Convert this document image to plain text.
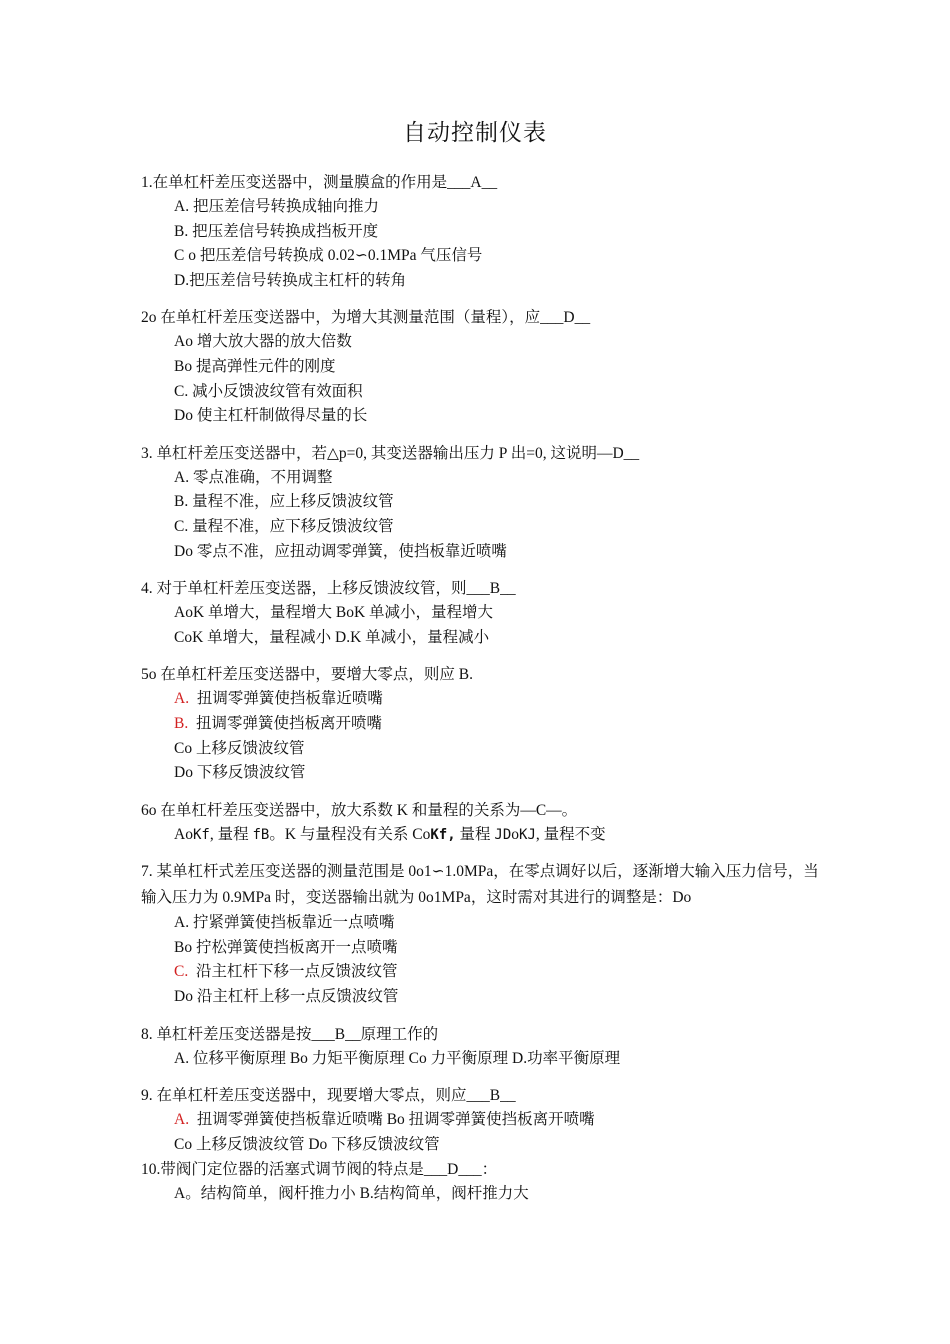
自动控制仪表

1.在单杠杆差压变送器中，测量膜盒的作用是___A__

A. 把压差信号转换成轴向推力
B. 把压差信号转换成挡板开度
C o 把压差信号转换成 0.02∽0.1MPa 气压信号
D.把压差信号转换成主杠杆的转角

2o 在单杠杆差压变送器中，为增大其测量范围（量程），应___D__

Ao 增大放大器的放大倍数
Bo 提高弹性元件的刚度
C. 减小反馈波纹管有效面积
Do 使主杠杆制做得尽量的长

3. 单杠杆差压变送器中，若△p=0, 其变送器输出压力 P 出=0, 这说明—D__

A. 零点准确，不用调整
B. 量程不准，应上移反馈波纹管
C. 量程不准，应下移反馈波纹管
Do 零点不准，应扭动调零弹簧，使挡板靠近喷嘴

4. 对于单杠杆差压变送器，上移反馈波纹管，则___B__

AoK 单增大，量程增大 BoK 单减小，量程增大
CoK 单增大，量程减小 D.K 单减小，量程减小

5o 在单杠杆差压变送器中，要增大零点，则应 B.

A. 扭调零弹簧使挡板靠近喷嘴
B. 扭调零弹簧使挡板离开喷嘴
Co 上移反馈波纹管
Do 下移反馈波纹管

6o 在单杠杆差压变送器中，放大系数 K 和量程的关系为—C—。

AoKf, 量程 fB。K 与量程没有关系 CoKf, 量程 JDoKJ, 量程不变

7. 某单杠杆式差压变送器的测量范围是 0o1∽1.0MPa，在零点调好以后，逐渐增大输入压力信号，当输入压力为 0.9MPa 时，变送器输出就为 0o1MPa，这时需对其进行的调整是：Do

A. 拧紧弹簧使挡板靠近一点喷嘴
Bo 拧松弹簧使挡板离开一点喷嘴
C. 沿主杠杆下移一点反馈波纹管
Do 沿主杠杆上移一点反馈波纹管

8. 单杠杆差压变送器是按___B__原理工作的

A. 位移平衡原理 Bo 力矩平衡原理 Co 力平衡原理 D.功率平衡原理

9. 在单杠杆差压变送器中，现要增大零点，则应___B__

A. 扭调零弹簧使挡板靠近喷嘴 Bo 扭调零弹簧使挡板离开喷嘴
Co 上移反馈波纹管 Do 下移反馈波纹管

10.带阀门定位器的活塞式调节阀的特点是___D___：

A。结构简单，阀杆推力小 B.结构简单，阀杆推力大
